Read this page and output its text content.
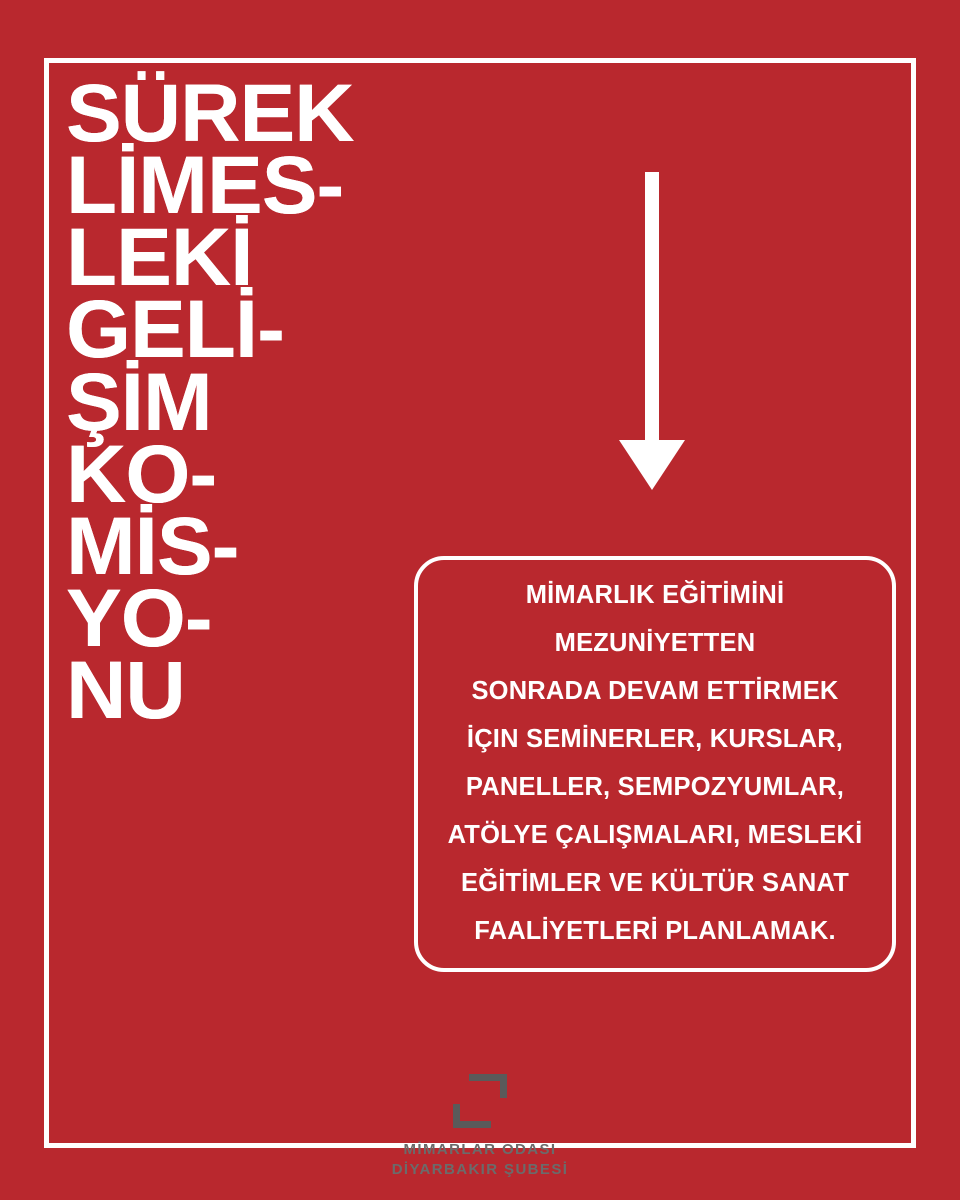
SÜREK
LİMES-
LEKİ
GELİ-
ŞİM
KO-
MİS-
YO-
NU
MİMARLIK EĞİTİMİNİ
MEZUNİYETTEN
SONRADA DEVAM ETTİRMEK
İÇIN SEMİNERLER, KURSLAR,
PANELLER, SEMPOZYUMLAR,
ATÖLYE ÇALIŞMALARI, MESLEKİ
EĞİTİMLER VE KÜLTÜR SANAT
FAALİYETLERİ PLANLAMAK.
MİMARLAR ODASI
DİYARBAKIR ŞUBESİ
